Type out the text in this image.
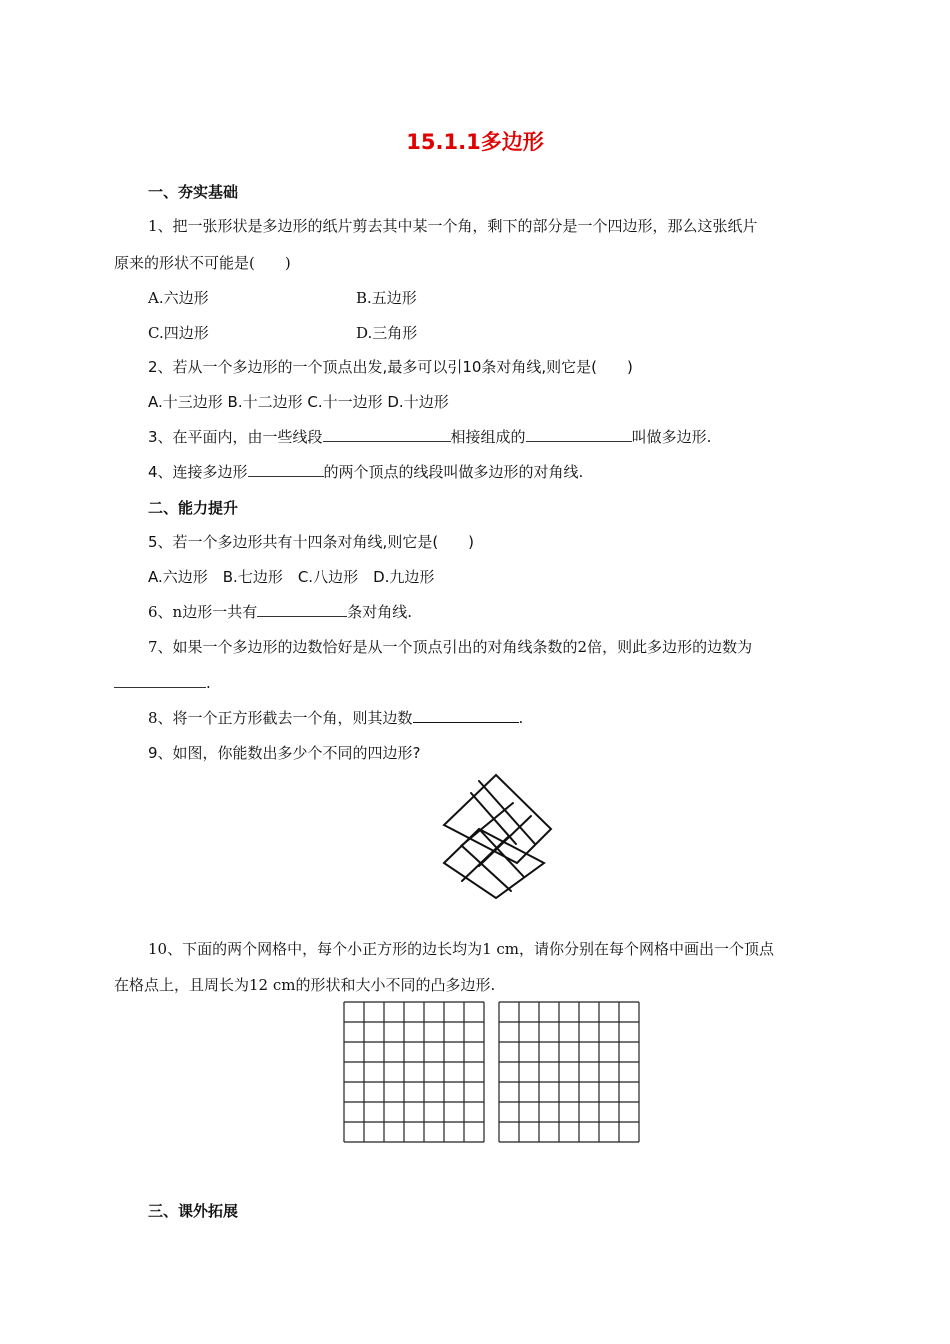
15.1.1多边形
一、夯实基础
1、把一张形状是多边形的纸片剪去其中某一个角，剩下的部分是一个四边形，那么这张纸片
原来的形状不可能是(　　)
A.六边形	B.五边形
C.四边形	D.三角形
2、若从一个多边形的一个顶点出发,最多可以引10条对角线,则它是(　　)
A.十三边形 B.十二边形 C.十一边形 D.十边形
3、在平面内，由一些线段	相接组成的	叫做多边形.
4、连接多边形	的两个顶点的线段叫做多边形的对角线.
二、能力提升
5、若一个多边形共有十四条对角线,则它是(　　)
A.六边形　B.七边形　C.八边形　D.九边形
6、n边形一共有	条对角线.
7、如果一个多边形的边数恰好是从一个顶点引出的对角线条数的2倍，则此多边形的边数为
.
8、将一个正方形截去一个角，则其边数	.
9、如图，你能数出多少个不同的四边形?
10、下面的两个网格中，每个小正方形的边长均为1 cm，请你分别在每个网格中画出一个顶点
在格点上，且周长为12 cm的形状和大小不同的凸多边形.
三、课外拓展
